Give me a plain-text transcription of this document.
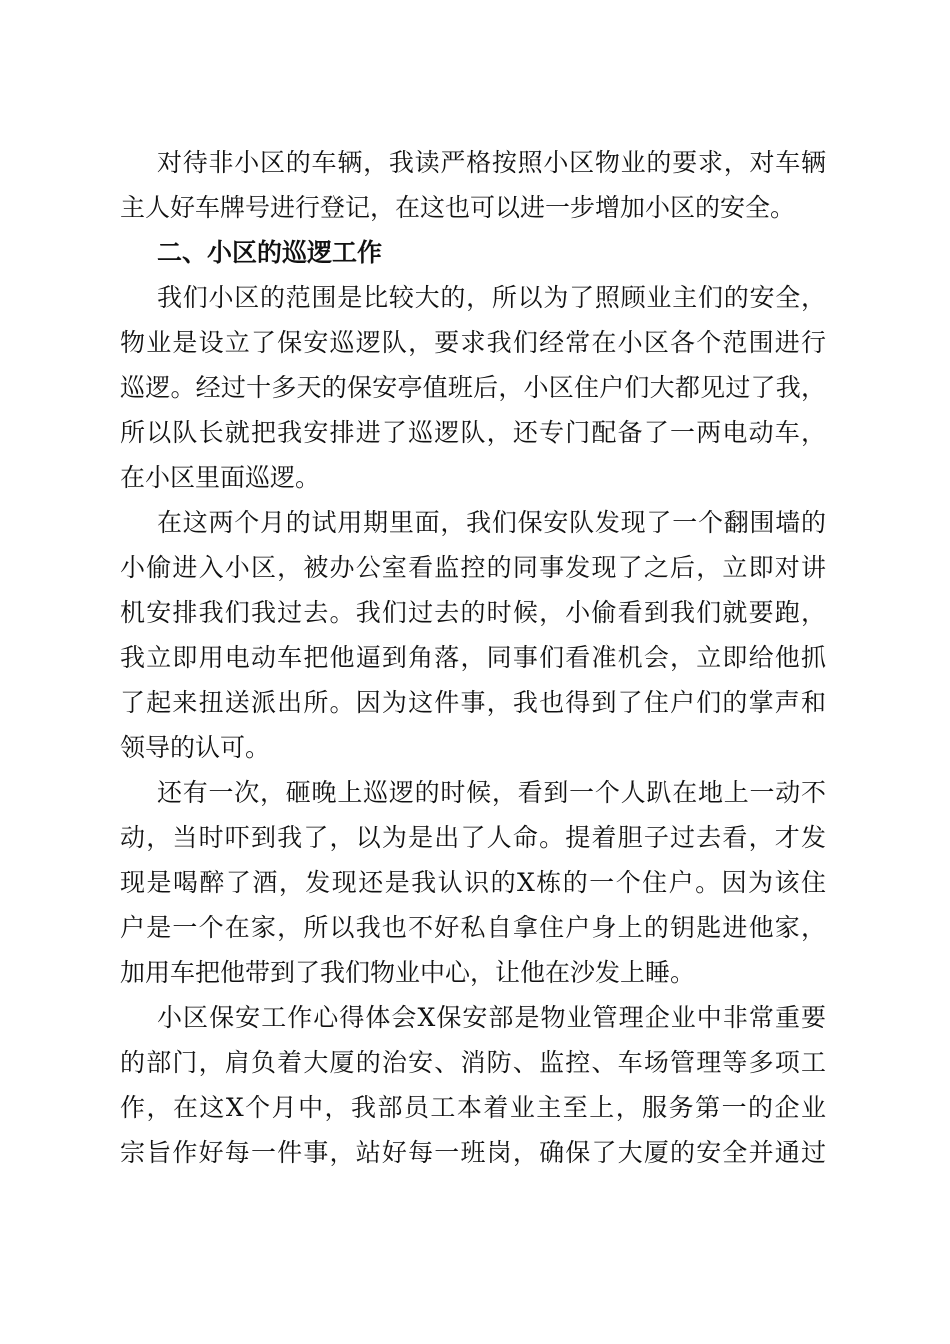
对待非小区的车辆，我读严格按照小区物业的要求，对车辆
主人好车牌号进行登记，在这也可以进一步增加小区的安全。
二、小区的巡逻工作
我们小区的范围是比较大的，所以为了照顾业主们的安全，
物业是设立了保安巡逻队，要求我们经常在小区各个范围进行
巡逻。经过十多天的保安亭值班后，小区住户们大都见过了我，
所以队长就把我安排进了巡逻队，还专门配备了一两电动车，
在小区里面巡逻。
在这两个月的试用期里面，我们保安队发现了一个翻围墙的
小偷进入小区，被办公室看监控的同事发现了之后，立即对讲
机安排我们我过去。我们过去的时候，小偷看到我们就要跑，
我立即用电动车把他逼到角落，同事们看准机会，立即给他抓
了起来扭送派出所。因为这件事，我也得到了住户们的掌声和
领导的认可。
还有一次，砸晚上巡逻的时候，看到一个人趴在地上一动不
动，当时吓到我了，以为是出了人命。提着胆子过去看，才发
现是喝醉了酒，发现还是我认识的X栋的一个住户。因为该住
户是一个在家，所以我也不好私自拿住户身上的钥匙进他家，
加用车把他带到了我们物业中心，让他在沙发上睡。
小区保安工作心得体会X保安部是物业管理企业中非常重要
的部门，肩负着大厦的治安、消防、监控、车场管理等多项工
作，在这X个月中，我部员工本着业主至上，服务第一的企业
宗旨作好每一件事，站好每一班岗，确保了大厦的安全并通过
